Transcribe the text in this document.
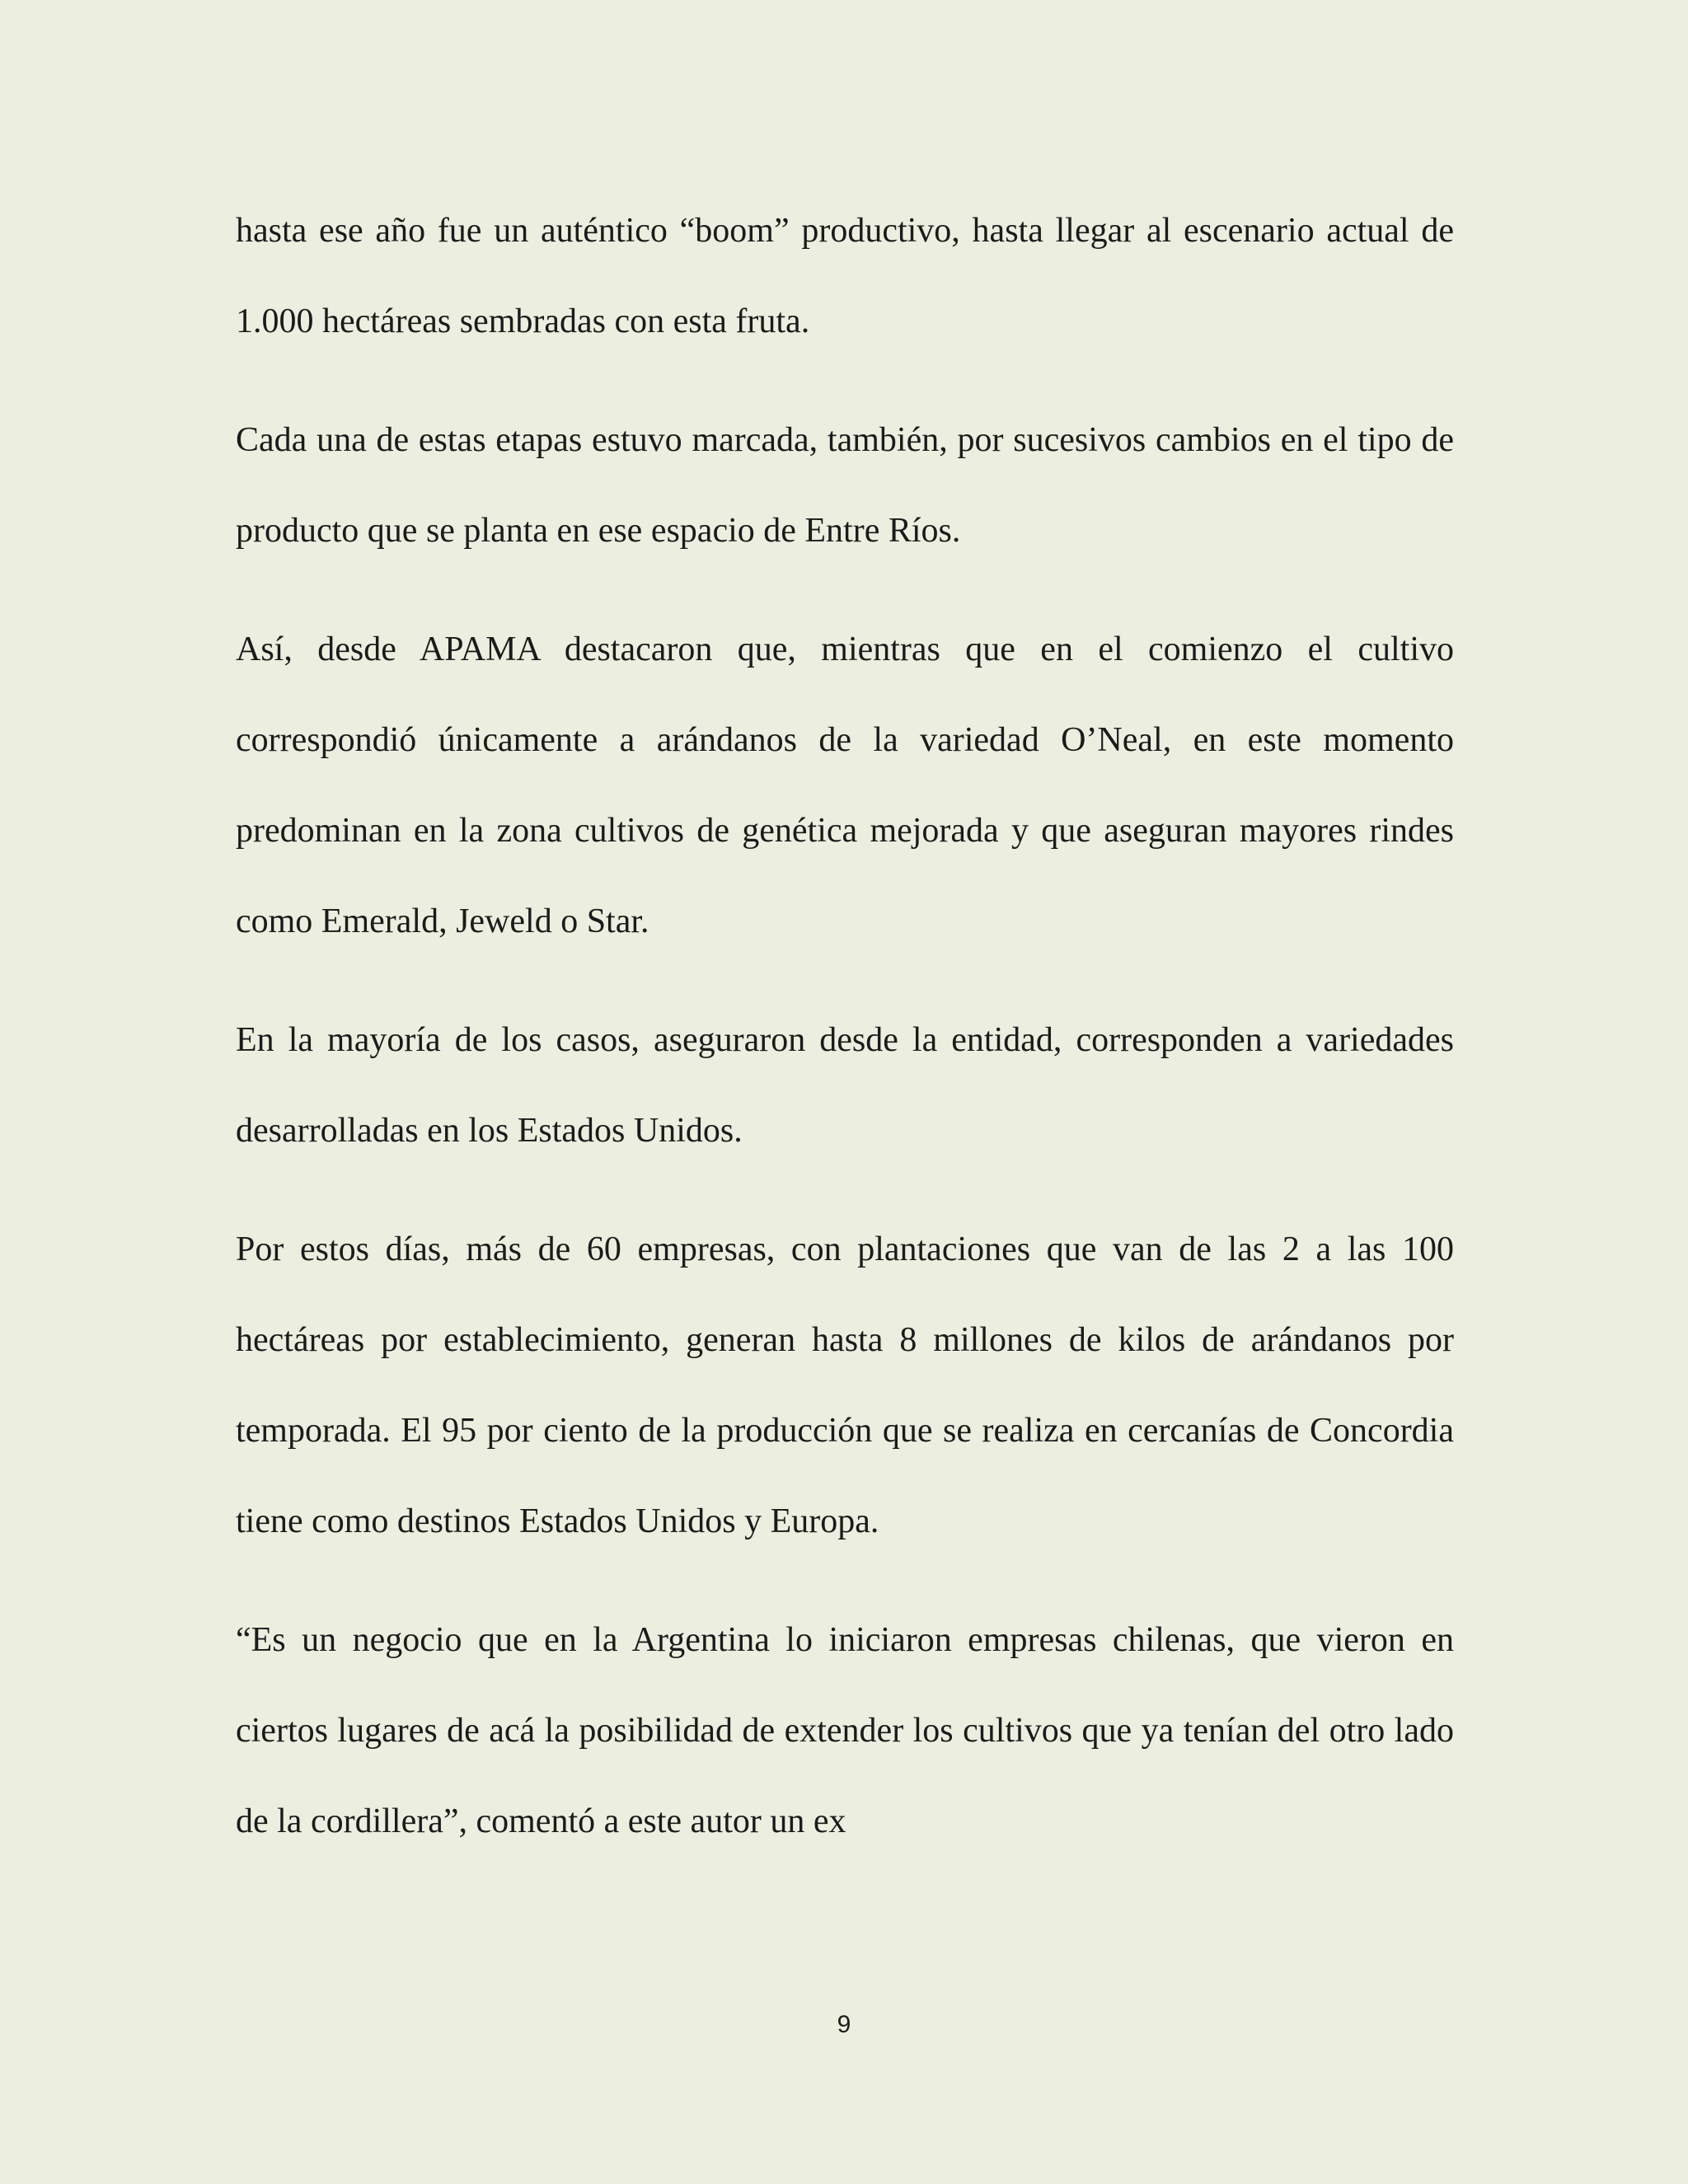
hasta ese año fue un auténtico “boom” productivo, hasta llegar al escenario actual de 1.000 hectáreas sembradas con esta fruta.

Cada una de estas etapas estuvo marcada, también, por sucesivos cambios en el tipo de producto que se planta en ese espacio de Entre Ríos.

Así, desde APAMA destacaron que, mientras que en el comienzo el cultivo correspondió únicamente a arándanos de la variedad O’Neal, en este momento predominan en la zona cultivos de genética mejorada y que aseguran mayores rindes como Emerald, Jeweld o Star.

En la mayoría de los casos, aseguraron desde la entidad, corresponden a variedades desarrolladas en los Estados Unidos.

Por estos días, más de 60 empresas, con plantaciones que van de las 2 a las 100 hectáreas por establecimiento, generan hasta 8 millones de kilos de arándanos por temporada. El 95 por ciento de la producción que se realiza en cercanías de Concordia tiene como destinos Estados Unidos y Europa.

“Es un negocio que en la Argentina lo iniciaron empresas chilenas, que vieron en ciertos lugares de acá la posibilidad de extender los cultivos que ya tenían del otro lado de la cordillera”, comentó a este autor un ex

9
